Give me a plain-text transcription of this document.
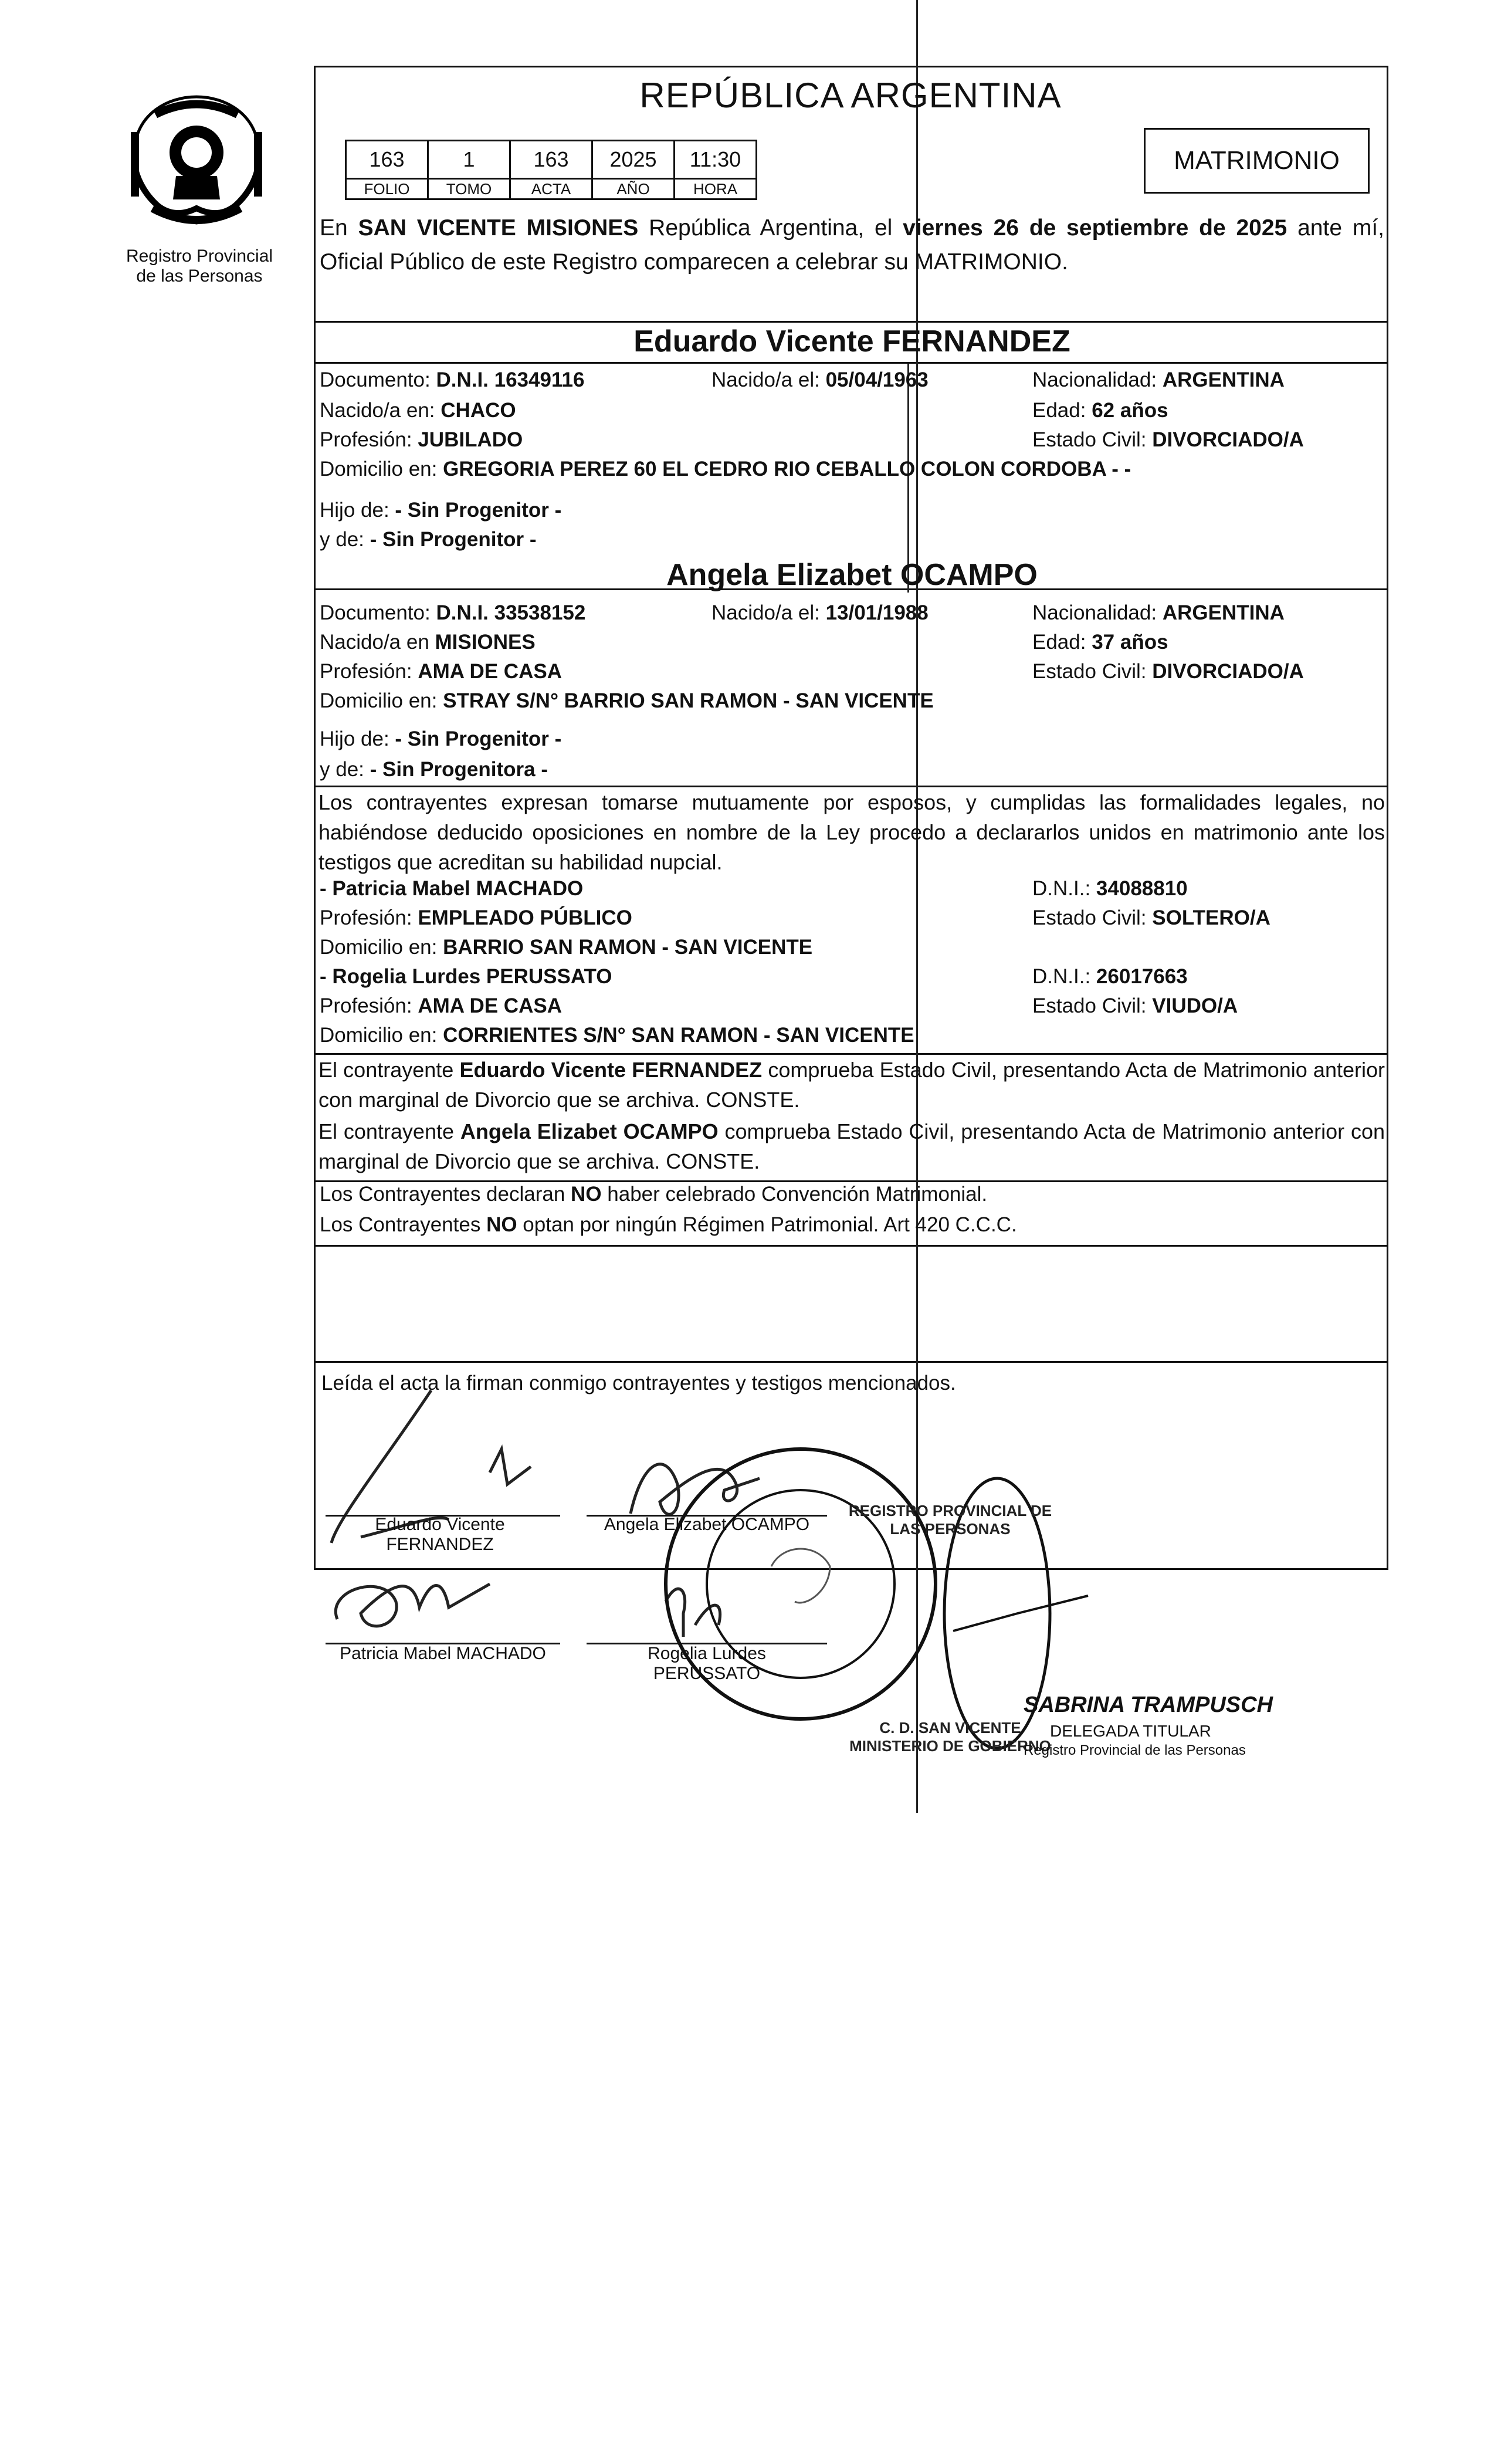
Registro Provincial
de las Personas
REPÚBLICA ARGENTINA
163	1	163	2025	11:30
FOLIO	TOMO	ACTA	AÑO	HORA
MATRIMONIO
En SAN VICENTE MISIONES República Argentina, el viernes 26 de septiembre de 2025 ante mí, Oficial Público de este Registro comparecen a celebrar su MATRIMONIO.
Eduardo Vicente FERNANDEZ
Documento: D.N.I. 16349116	Nacido/a el: 05/04/1963	Nacionalidad: ARGENTINA
Nacido/a en: CHACO	Edad: 62 años
Profesión: JUBILADO	Estado Civil: DIVORCIADO/A
Domicilio en: GREGORIA PEREZ 60 EL CEDRO RIO CEBALLO COLON CORDOBA - -
Hijo de: - Sin Progenitor -
y de: - Sin Progenitor -
Angela Elizabet OCAMPO
Documento: D.N.I. 33538152	Nacido/a el: 13/01/1988	Nacionalidad: ARGENTINA
Nacido/a en MISIONES	Edad: 37 años
Profesión: AMA DE CASA	Estado Civil: DIVORCIADO/A
Domicilio en: STRAY S/N° BARRIO SAN RAMON - SAN VICENTE
Hijo de: - Sin Progenitor -
y de: - Sin Progenitora -
Los contrayentes expresan tomarse mutuamente por esposos, y cumplidas las formalidades legales, no habiéndose deducido oposiciones en nombre de la Ley procedo a declararlos unidos en matrimonio ante los testigos que acreditan su habilidad nupcial.
- Patricia Mabel MACHADO	D.N.I.: 34088810
Profesión: EMPLEADO PÚBLICO	Estado Civil: SOLTERO/A
Domicilio en: BARRIO SAN RAMON - SAN VICENTE
- Rogelia Lurdes PERUSSATO	D.N.I.: 26017663
Profesión: AMA DE CASA	Estado Civil: VIUDO/A
Domicilio en: CORRIENTES S/N° SAN RAMON - SAN VICENTE
El contrayente Eduardo Vicente FERNANDEZ comprueba Estado Civil, presentando Acta de Matrimonio anterior con marginal de Divorcio que se archiva. CONSTE.
El contrayente Angela Elizabet OCAMPO comprueba Estado Civil, presentando Acta de Matrimonio anterior con marginal de Divorcio que se archiva. CONSTE.
Los Contrayentes declaran NO haber celebrado Convención Matrimonial.
Los Contrayentes NO optan por ningún Régimen Patrimonial. Art 420 C.C.C.
Leída el acta la firman conmigo contrayentes y testigos mencionados.
Eduardo Vicente
FERNANDEZ
Angela Elizabet OCAMPO
Patricia Mabel MACHADO	Rogelia Lurdes
PERUSSATO
REGISTRO PROVINCIAL DE LAS PERSONAS
C. D. SAN VICENTE MINISTERIO DE GOBIERNO
SABRINA TRAMPUSCH
DELEGADA TITULAR
Registro Provincial de las Personas
